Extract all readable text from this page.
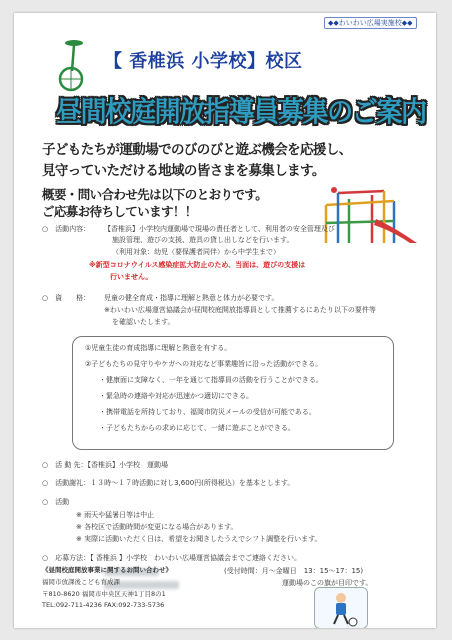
◆◆わいわい広場実施校◆◆
【 香椎浜 小学校】校区
昼間校庭開放指導員募集のご案内
子どもたちが運動場でのびのびと遊ぶ機会を応援し、
見守っていただける地域の皆さまを募集します。
概要・問い合わせ先は以下のとおりです。
ご応募お待ちしています！！
○　活動内容： 【香椎浜】小学校内運動場で現場の責任者として、利用者の安全管理及び
施設管理、遊びの支援、遊具の貸し出しなどを行います。
（利用対象：幼児（要保護者同伴）から中学生まで）
※新型コロナウイルス感染症拡大防止のため、当面は、遊びの支援は
行いません。
○　資　　格： 児童の健全育成・指導に理解と熱意と体力が必要です。
※わいわい広場運営協議会が昼間校庭開放指導員として推薦するにあたり以下の要件等
を確認いたします。
①児童生徒の育成指導に理解と熱意を有する。
②子どもたちの見守りやケガへの対応など事業趣旨に沿った活動ができる。
・健康面に支障なく、一年を通じて指導員の活動を行うことができる。
・緊急時の連絡や対応が迅速かつ適切にできる。
・携帯電話を所持しており、福岡市防災メールの受信が可能である。
・子どもたちからの求めに応じて、一緒に遊ぶことができる。
○　活 動 先：【香椎浜】小学校　運動場
○　活動謝礼：１３時～１７時活動に対し3,600円(所得税込）を基本とします。
○　活動
※ 雨天や猛暑日等は中止
※ 各校区で活動時間が変更になる場合があります。
※ 実際に活動いただく日は、希望をお聞きしたうえでシフト調整を行います。
○　応募方法：【 香椎浜 】小学校　わいわい広場運営協議会までご連絡ください。
(受付時間：月～金曜日　13：15～17：15)
運動場のこの旗が目印です。
《昼間校庭開放事業に関するお問い合わせ》
福岡市放課後こども育成課
〒810-8620 福岡市中央区天神1丁目8の1
TEL:092-711-4236 FAX:092-733-5736
